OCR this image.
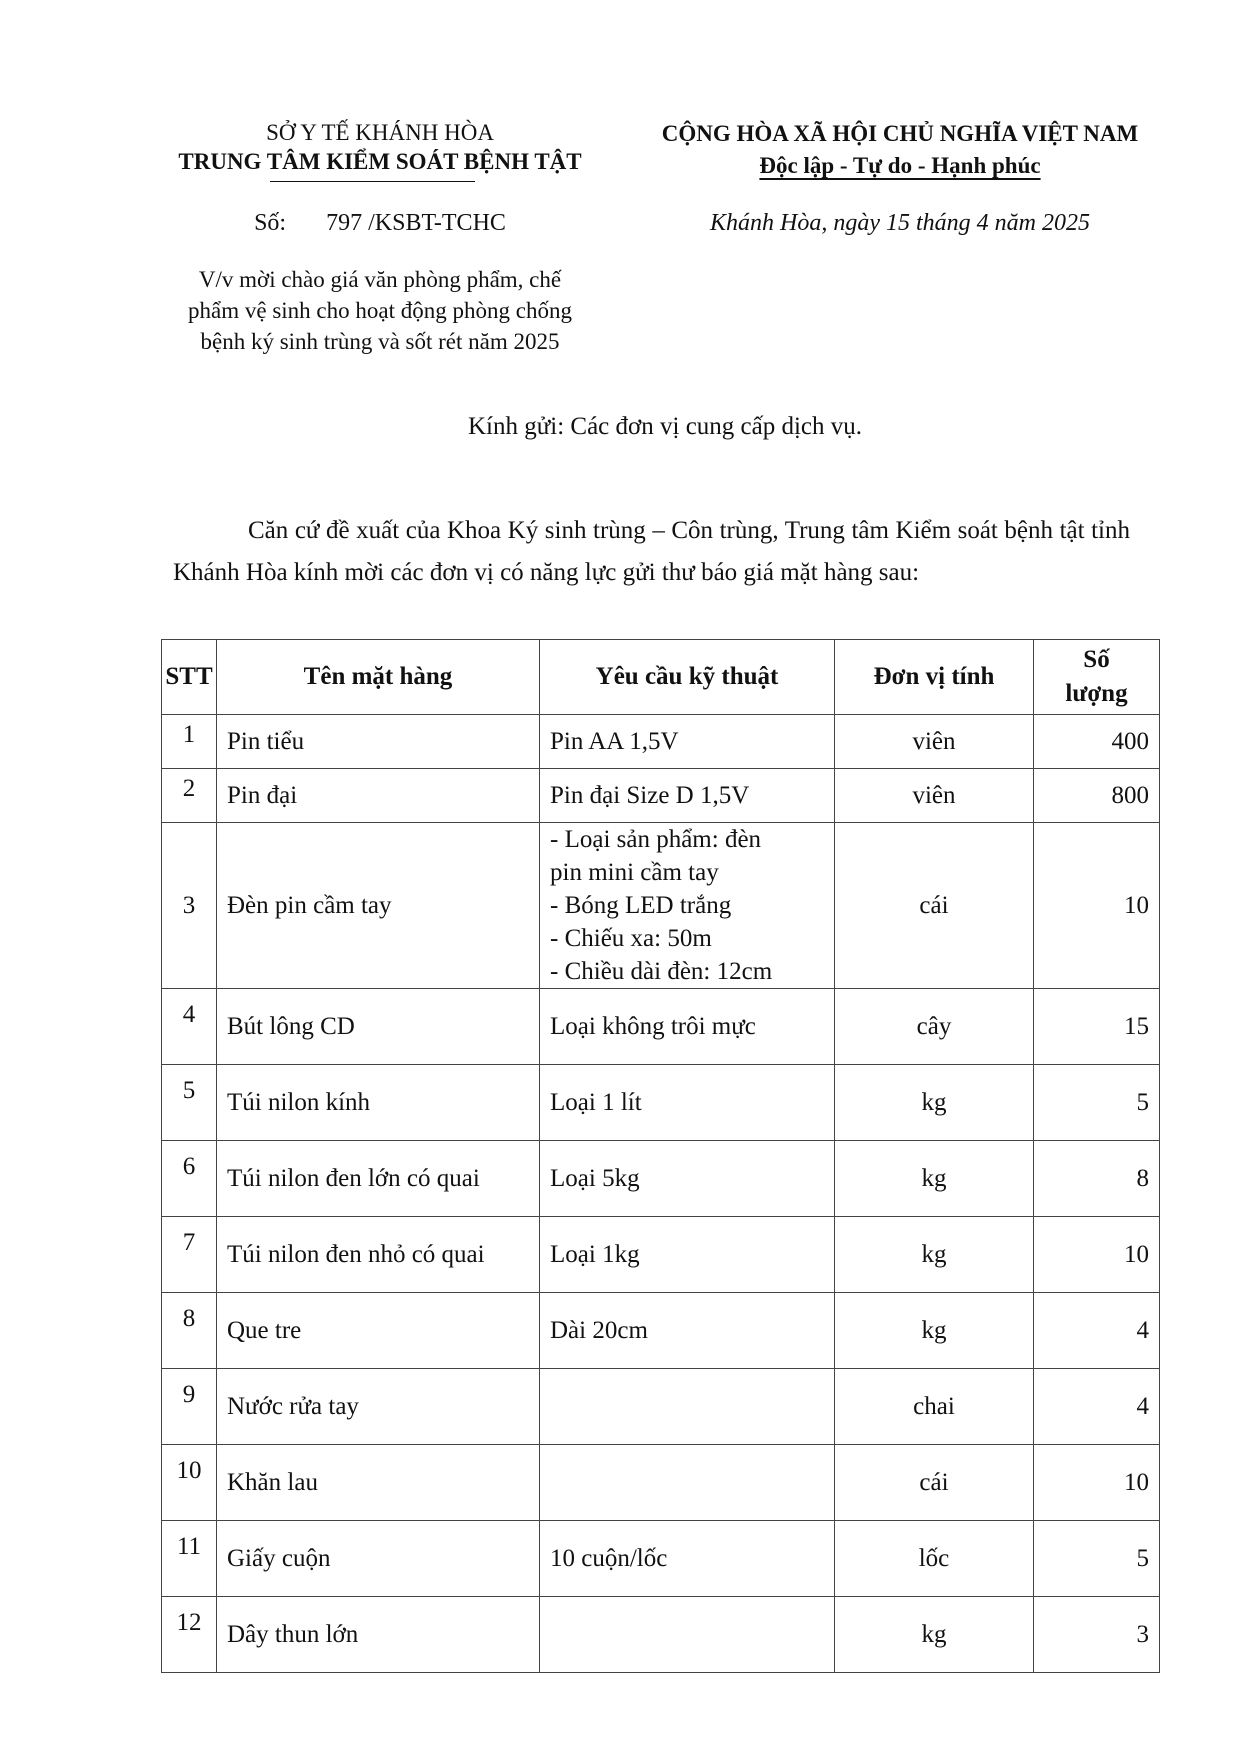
SỞ Y TẾ KHÁNH HÒA
TRUNG TÂM KIỂM SOÁT BỆNH TẬT
CỘNG HÒA XÃ HỘI CHỦ NGHĨA VIỆT NAM
Độc lập - Tự do - Hạnh phúc
Số: 797 /KSBT-TCHC	Khánh Hòa, ngày 15 tháng 4 năm 2025
V/v mời chào giá văn phòng phẩm, chế
phẩm vệ sinh cho hoạt động phòng chống
bệnh ký sinh trùng và sốt rét năm 2025
Kính gửi: Các đơn vị cung cấp dịch vụ.
Căn cứ đề xuất của Khoa Ký sinh trùng – Côn trùng, Trung tâm Kiểm soát bệnh tật tỉnh Khánh Hòa kính mời các đơn vị có năng lực gửi thư báo giá mặt hàng sau:
STT	Tên mặt hàng	Yêu cầu kỹ thuật	Đơn vị tính	Số
lượng

1	Pin tiểu	Pin AA 1,5V	viên	400
2	Pin đại	Pin đại Size D 1,5V	viên	800
3	Đèn pin cầm tay	- Loại sản phẩm: đèn
pin mini cầm tay
- Bóng LED trắng
- Chiếu xa: 50m
- Chiều dài đèn: 12cm	cái	10
4	Bút lông CD	Loại không trôi mực	cây	15
5	Túi nilon kính	Loại 1 lít	kg	5
6	Túi nilon đen lớn có quai	Loại 5kg	kg	8
7	Túi nilon đen nhỏ có quai	Loại 1kg	kg	10
8	Que tre	Dài 20cm	kg	4
9	Nước rửa tay		chai	4
10	Khăn lau		cái	10
11	Giấy cuộn	10 cuộn/lốc	lốc	5
12	Dây thun lớn		kg	3
